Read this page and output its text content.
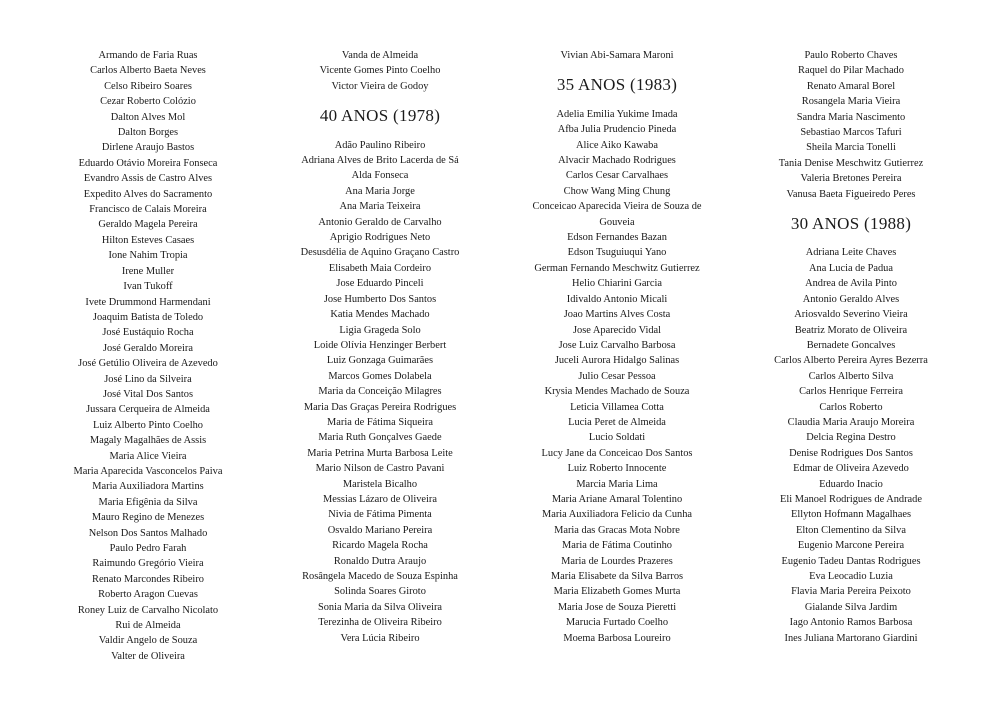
Armando de Faria Ruas
Carlos Alberto Baeta Neves
Celso Ribeiro Soares
Cezar Roberto Colózio
Dalton Alves Mol
Dalton Borges
Dirlene Araujo Bastos
Eduardo Otávio Moreira Fonseca
Evandro Assis de Castro Alves
Expedito Alves do Sacramento
Francisco de Calais Moreira
Geraldo Magela Pereira
Hilton Esteves Casaes
Ione Nahim Tropia
Irene Muller
Ivan Tukoff
Ivete Drummond Harmendani
Joaquim Batista de Toledo
José Eustáquio Rocha
José Geraldo Moreira
José Getúlio Oliveira de Azevedo
José Lino da Silveira
José Vital Dos Santos
Jussara Cerqueira de Almeida
Luiz Alberto Pinto Coelho
Magaly Magalhães de Assis
Maria Alice Vieira
Maria Aparecida Vasconcelos Paiva
Maria Auxiliadora Martins
Maria Efigênia da Silva
Mauro Regino de Menezes
Nelson Dos Santos Malhado
Paulo Pedro Farah
Raimundo Gregório Vieira
Renato Marcondes Ribeiro
Roberto Aragon Cuevas
Roney Luiz de Carvalho Nicolato
Rui de Almeida
Valdir Angelo de Souza
Valter de Oliveira
Vanda de Almeida
Vicente Gomes Pinto Coelho
Victor Vieira de Godoy
40 ANOS (1978)
Adão Paulino Ribeiro
Adriana Alves de Brito Lacerda de Sá
Alda Fonseca
Ana Maria Jorge
Ana Maria Teixeira
Antonio Geraldo de Carvalho
Aprigio Rodrigues Neto
Desusdélia de Aquino Graçano Castro
Elisabeth Maia Cordeiro
Jose Eduardo Pinceli
Jose Humberto Dos Santos
Katia Mendes Machado
Ligia Grageda Solo
Loide Olívia Henzinger Berbert
Luiz Gonzaga Guimarães
Marcos Gomes Dolabela
Maria da Conceição Milagres
Maria Das Graças Pereira Rodrigues
Maria de Fátima Siqueira
Maria Ruth Gonçalves Gaede
Maria Petrina Murta Barbosa Leite
Mario Nilson de Castro Pavani
Maristela Bicalho
Messias Lázaro de Oliveira
Nivia de Fátima Pimenta
Osvaldo Mariano Pereira
Ricardo Magela Rocha
Ronaldo Dutra Araujo
Rosângela Macedo de Souza Espinha
Solinda Soares Giroto
Sonia Maria da Silva Oliveira
Terezinha de Oliveira Ribeiro
Vera Lúcia Ribeiro
Vivian Abi-Samara Maroni
35 ANOS (1983)
Adelia Emilia Yukime Imada
Afba Julia Prudencio Pineda
Alice Aiko Kawaba
Alvacir Machado Rodrigues
Carlos Cesar Carvalhaes
Chow Wang Ming Chung
Conceicao Aparecida Vieira de Souza de
Gouveia
Edson Fernandes Bazan
Edson Tsuguiuqui Yano
German Fernando Meschwitz Gutierrez
Helio Chiarini Garcia
Idivaldo Antonio Micali
Joao Martins Alves Costa
Jose Aparecido Vidal
Jose Luiz Carvalho Barbosa
Juceli Aurora Hidalgo Salinas
Julio Cesar Pessoa
Krysia Mendes Machado de Souza
Leticia Villamea Cotta
Lucia Peret de Almeida
Lucio Soldati
Lucy Jane da Conceicao Dos Santos
Luiz Roberto Innocente
Marcia Maria Lima
Maria Ariane Amaral Tolentino
Maria Auxiliadora Felicio da Cunha
Maria das Gracas Mota Nobre
Maria de Fátima Coutinho
Maria de Lourdes Prazeres
Maria Elisabete da Silva Barros
Maria Elizabeth Gomes Murta
Maria Jose de Souza Pieretti
Marucia Furtado Coelho
Moema Barbosa Loureiro
Paulo Roberto Chaves
Raquel do Pilar Machado
Renato Amaral Borel
Rosangela Maria Vieira
Sandra Maria Nascimento
Sebastiao Marcos Tafuri
Sheila Marcia Tonelli
Tania Denise Meschwitz Gutierrez
Valeria Bretones Pereira
Vanusa Baeta Figueiredo Peres
30 ANOS (1988)
Adriana Leite Chaves
Ana Lucia de Padua
Andrea de Avila Pinto
Antonio Geraldo Alves
Ariosvaldo Severino Vieira
Beatriz Morato de Oliveira
Bernadete Goncalves
Carlos Alberto Pereira Ayres Bezerra
Carlos Alberto Silva
Carlos Henrique Ferreira
Carlos Roberto
Claudia Maria Araujo Moreira
Delcia Regina Destro
Denise Rodrigues Dos Santos
Edmar de Oliveira Azevedo
Eduardo Inacio
Eli Manoel Rodrigues de Andrade
Ellyton Hofmann Magalhaes
Elton Clementino da Silva
Eugenio Marcone Pereira
Eugenio Tadeu Dantas Rodrigues
Eva Leocadio Luzia
Flavia Maria Pereira Peixoto
Gialande Silva Jardim
Iago Antonio Ramos Barbosa
Ines Juliana Martorano Giardini
